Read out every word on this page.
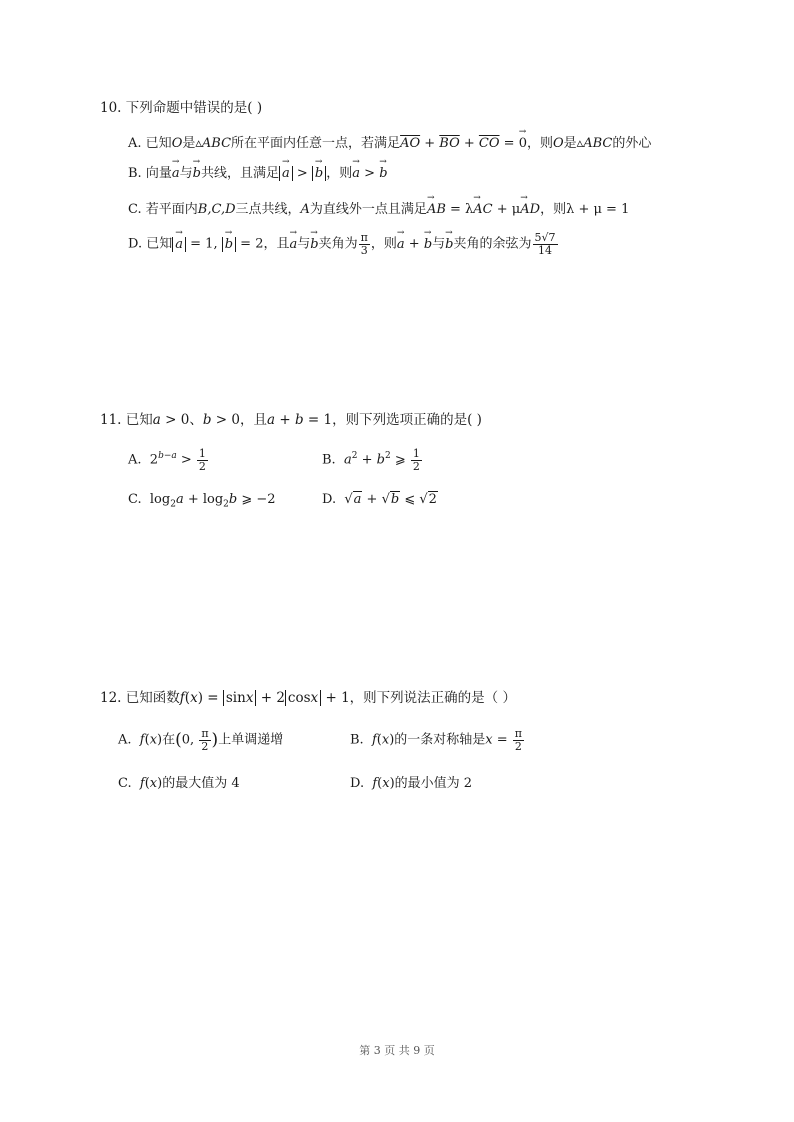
10. 下列命题中错误的是( )
A. 已知O是▵ABC所在平面内任意一点，若满足$\overline{AO} + \overline{BO} + \overline{CO}$ = → 0，则O是▵ABC的外心
B. 向量→ a与→ b共线，且满足 → a > → b ，则→ a > → b
C. 若平面内B,C,D三点共线，A为直线外一点且满足→ AB = λ→ AC + μ→ AD，则λ + μ = 1
D. 已知 → a = 1, → b = 2，且→ a与→ b夹角为 $\frac{\pi}{3}$ ，则→ a + → b与→ b夹角的余弦为 $\frac{5√7}{14}$
11. 已知a > 0、b > 0，且a + b = 1，则下列选项正确的是( )
A.  $2^{b-a} > \frac{1}{2}$	B. $a^2 + b^2$ ⩾ $\frac{1}{2}$
C.  $\log_2a + \log_2b$ ⩾ −2	D.  √a + √b ⩽ √2
12. 已知函数f(x) = sinx + 2 cosx + 1，则下列说法正确的是（ ）
A. f(x)在(0, $\frac{\pi}{2}$ )上单调递增	B. f(x)的一条对称轴是$x = \frac{\pi}{2}$
C. f(x)的最大值为 4	D. f(x)的最小值为 2
第 3 页 共 9 页
